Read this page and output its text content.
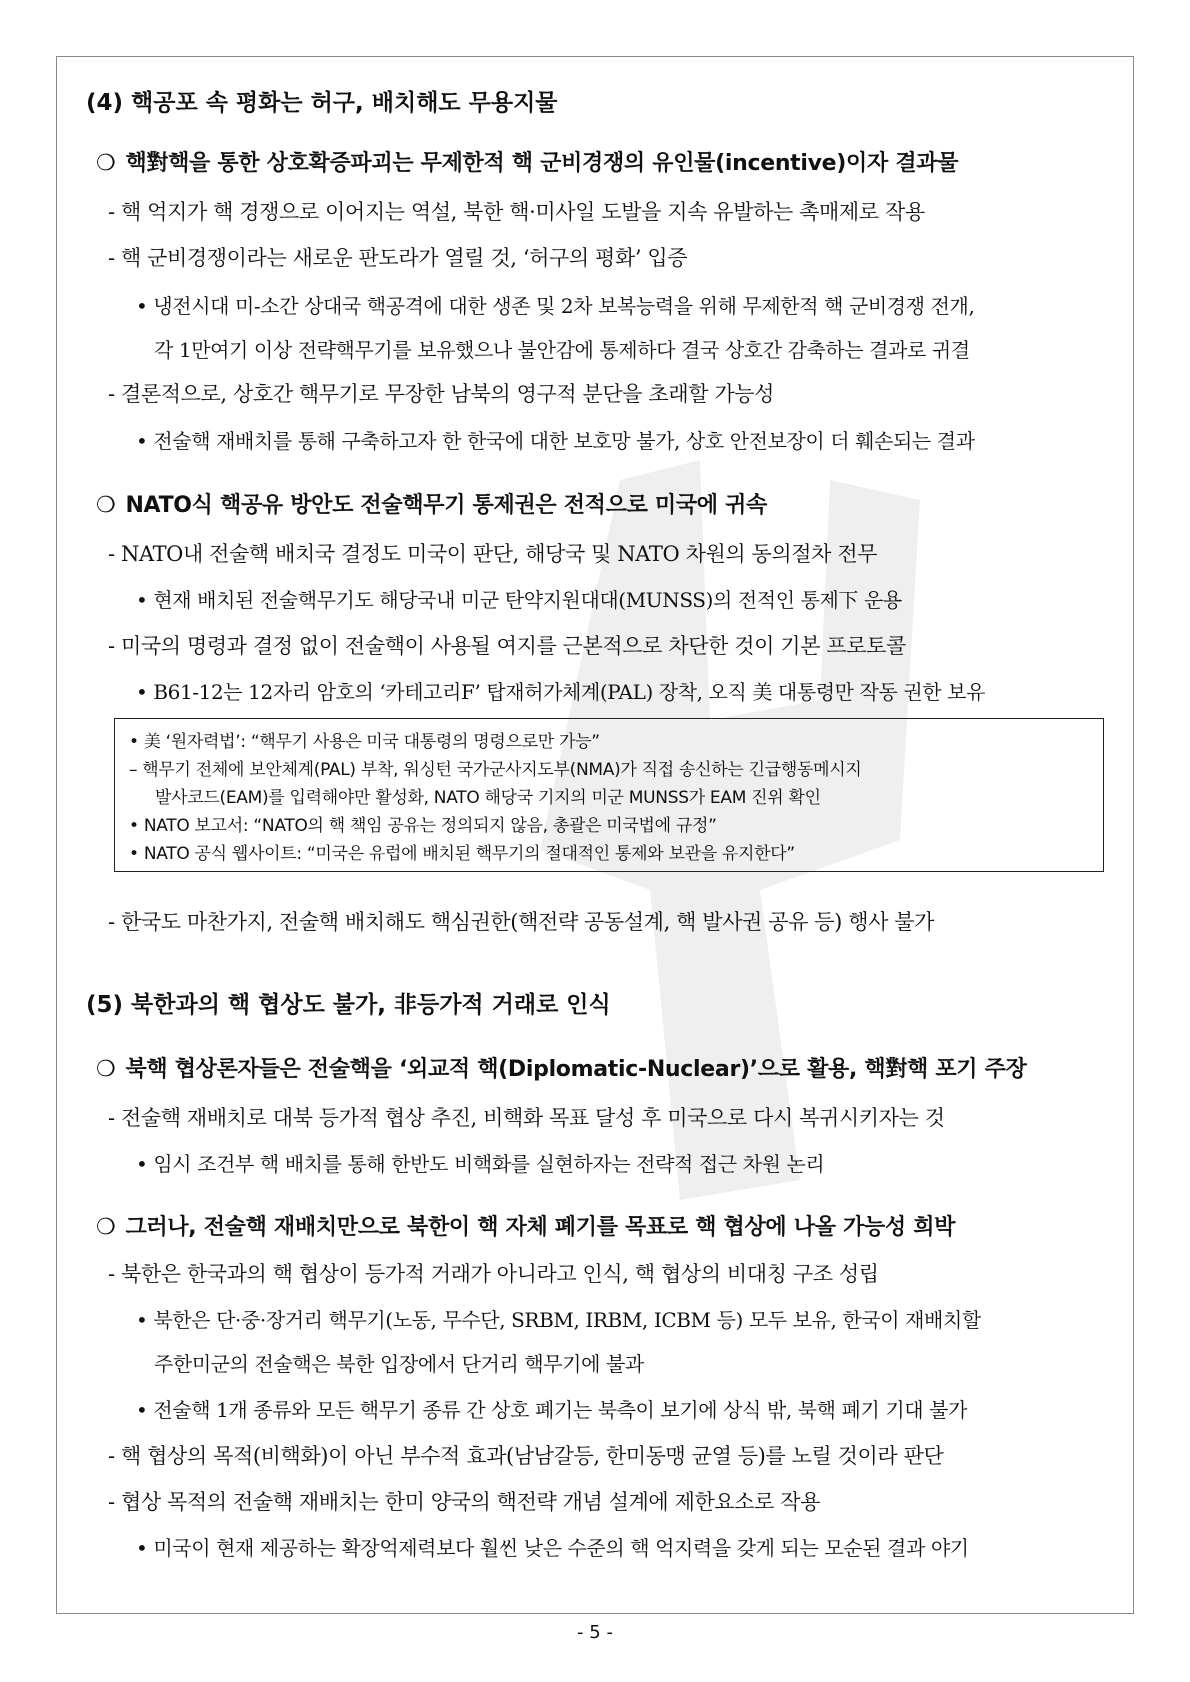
(4) 핵공포 속 평화는 허구, 배치해도 무용지물
❍ 핵對핵을 통한 상호확증파괴는 무제한적 핵 군비경쟁의 유인물(incentive)이자 결과물
- 핵 억지가 핵 경쟁으로 이어지는 역설, 북한 핵·미사일 도발을 지속 유발하는 촉매제로 작용
- 핵 군비경쟁이라는 새로운 판도라가 열릴 것, ‘허구의 평화’ 입증
• 냉전시대 미-소간 상대국 핵공격에 대한 생존 및 2차 보복능력을 위해 무제한적 핵 군비경쟁 전개,
각 1만여기 이상 전략핵무기를 보유했으나 불안감에 통제하다 결국 상호간 감축하는 결과로 귀결
- 결론적으로, 상호간 핵무기로 무장한 남북의 영구적 분단을 초래할 가능성
• 전술핵 재배치를 통해 구축하고자 한 한국에 대한 보호망 불가, 상호 안전보장이 더 훼손되는 결과
❍ NATO식 핵공유 방안도 전술핵무기 통제권은 전적으로 미국에 귀속
- NATO내 전술핵 배치국 결정도 미국이 판단, 해당국 및 NATO 차원의 동의절차 전무
• 현재 배치된 전술핵무기도 해당국내 미군 탄약지원대대(MUNSS)의 전적인 통제下 운용
- 미국의 명령과 결정 없이 전술핵이 사용될 여지를 근본적으로 차단한 것이 기본 프로토콜
• B61-12는 12자리 암호의 ‘카테고리F’ 탑재허가체계(PAL) 장착, 오직 美 대통령만 작동 권한 보유
• 美 ‘원자력법’: “핵무기 사용은 미국 대통령의 명령으로만 가능”
– 핵무기 전체에 보안체계(PAL) 부착, 워싱턴 국가군사지도부(NMA)가 직접 송신하는 긴급행동메시지
발사코드(EAM)를 입력해야만 활성화, NATO 해당국 기지의 미군 MUNSS가 EAM 진위 확인
• NATO 보고서: “NATO의 핵 책임 공유는 정의되지 않음, 총괄은 미국법에 규정”
• NATO 공식 웹사이트: “미국은 유럽에 배치된 핵무기의 절대적인 통제와 보관을 유지한다”
- 한국도 마찬가지, 전술핵 배치해도 핵심권한(핵전략 공동설계, 핵 발사권 공유 등) 행사 불가
(5) 북한과의 핵 협상도 불가, 非등가적 거래로 인식
❍ 북핵 협상론자들은 전술핵을 ‘외교적 핵(Diplomatic-Nuclear)’으로 활용, 핵對핵 포기 주장
- 전술핵 재배치로 대북 등가적 협상 추진, 비핵화 목표 달성 후 미국으로 다시 복귀시키자는 것
• 임시 조건부 핵 배치를 통해 한반도 비핵화를 실현하자는 전략적 접근 차원 논리
❍ 그러나, 전술핵 재배치만으로 북한이 핵 자체 폐기를 목표로 핵 협상에 나올 가능성 희박
- 북한은 한국과의 핵 협상이 등가적 거래가 아니라고 인식, 핵 협상의 비대칭 구조 성립
• 북한은 단·중·장거리 핵무기(노동, 무수단, SRBM, IRBM, ICBM 등) 모두 보유, 한국이 재배치할
주한미군의 전술핵은 북한 입장에서 단거리 핵무기에 불과
• 전술핵 1개 종류와 모든 핵무기 종류 간 상호 폐기는 북측이 보기에 상식 밖, 북핵 폐기 기대 불가
- 핵 협상의 목적(비핵화)이 아닌 부수적 효과(남남갈등, 한미동맹 균열 등)를 노릴 것이라 판단
- 협상 목적의 전술핵 재배치는 한미 양국의 핵전략 개념 설계에 제한요소로 작용
• 미국이 현재 제공하는 확장억제력보다 훨씬 낮은 수준의 핵 억지력을 갖게 되는 모순된 결과 야기
- 5 -
